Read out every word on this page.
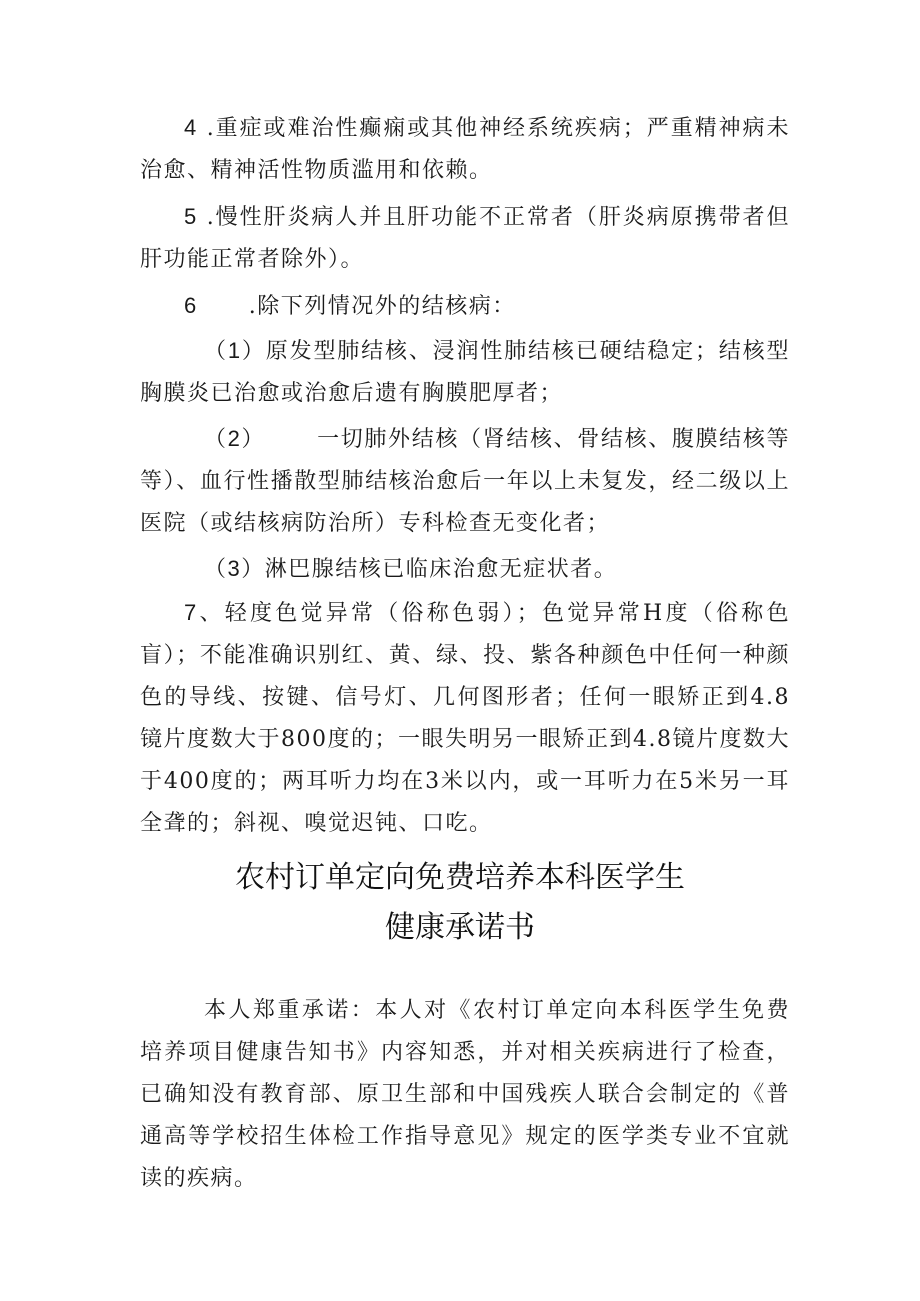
4 .重症或难治性癫痫或其他神经系统疾病；严重精神病未治愈、精神活性物质滥用和依赖。

5 .慢性肝炎病人并且肝功能不正常者（肝炎病原携带者但肝功能正常者除外）。

6      .除下列情况外的结核病：

（1）原发型肺结核、浸润性肺结核已硬结稳定；结核型胸膜炎已治愈或治愈后遗有胸膜肥厚者；

（2）      一切肺外结核（肾结核、骨结核、腹膜结核等等）、血行性播散型肺结核治愈后一年以上未复发，经二级以上医院（或结核病防治所）专科检查无变化者；

（3）淋巴腺结核已临床治愈无症状者。

7、轻度色觉异常（俗称色弱）；色觉异常H度（俗称色盲）；不能准确识别红、黄、绿、投、紫各种颜色中任何一种颜色的导线、按键、信号灯、几何图形者；任何一眼矫正到4.8镜片度数大于800度的；一眼失明另一眼矫正到4.8镜片度数大于400度的；两耳听力均在3米以内，或一耳听力在5米另一耳全聋的；斜视、嗅觉迟钝、口吃。

农村订单定向免费培养本科医学生
健康承诺书

本人郑重承诺：本人对《农村订单定向本科医学生免费培养项目健康告知书》内容知悉，并对相关疾病进行了检查，已确知没有教育部、原卫生部和中国残疾人联合会制定的《普通高等学校招生体检工作指导意见》规定的医学类专业不宜就读的疾病。
